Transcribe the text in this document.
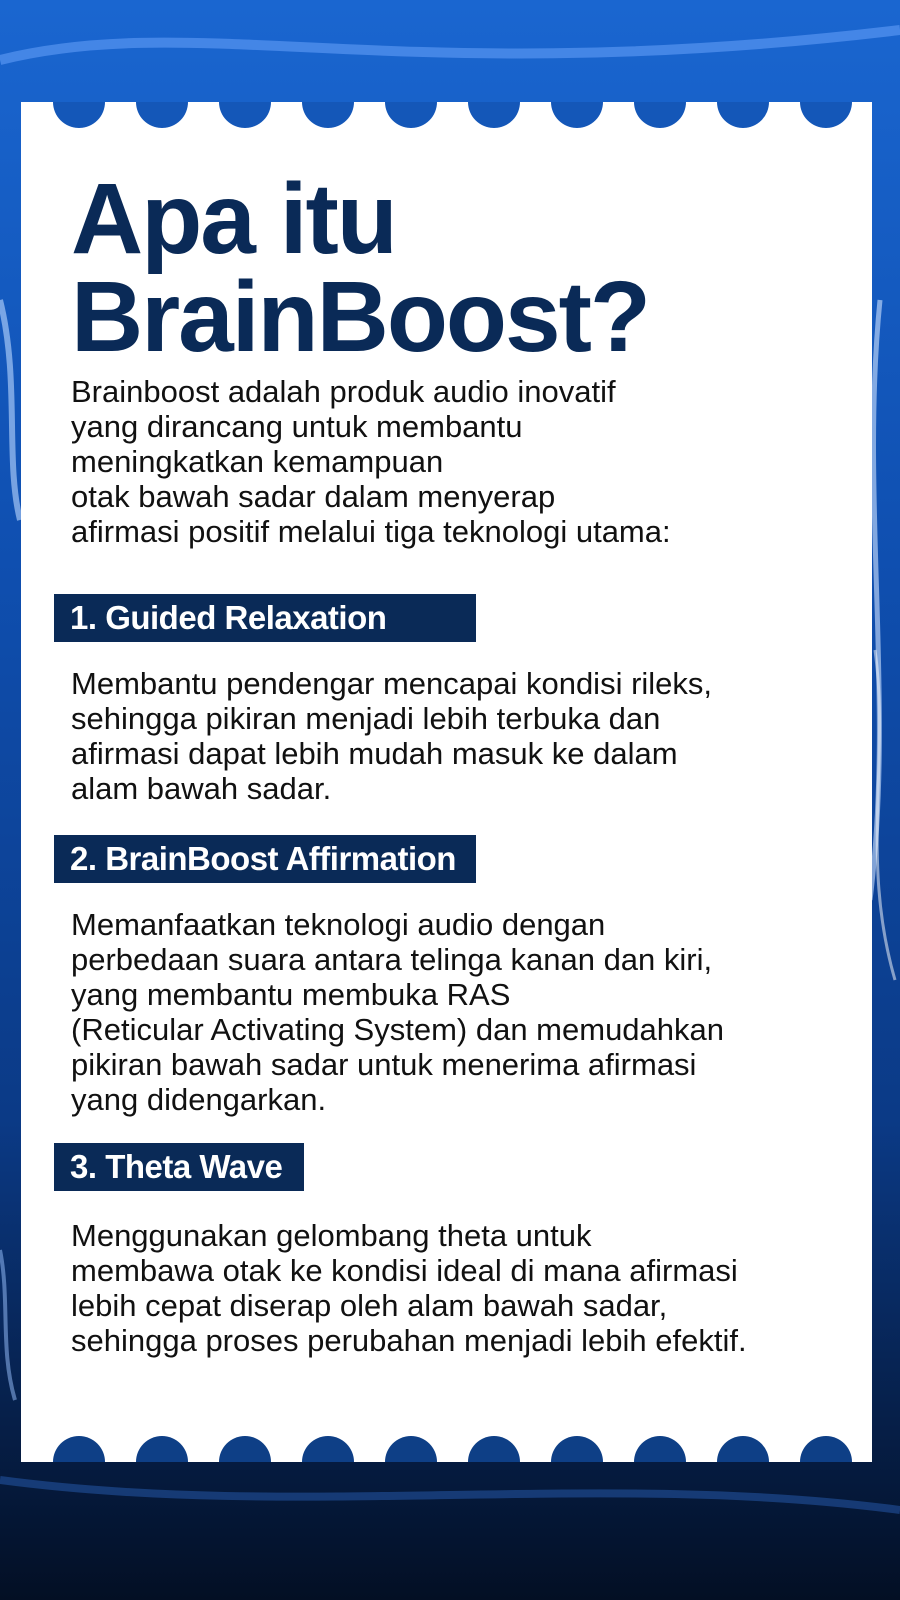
Apa itu BrainBoost?

Brainboost adalah produk audio inovatif
yang dirancang untuk membantu
meningkatkan kemampuan
otak bawah sadar dalam menyerap
afirmasi positif melalui tiga teknologi utama:

1. Guided Relaxation

Membantu pendengar mencapai kondisi rileks,
sehingga pikiran menjadi lebih terbuka dan
afirmasi dapat lebih mudah masuk ke dalam
alam bawah sadar.

2. BrainBoost Affirmation

Memanfaatkan teknologi audio dengan
perbedaan suara antara telinga kanan dan kiri,
yang membantu membuka RAS
(Reticular Activating System) dan memudahkan
pikiran bawah sadar untuk menerima afirmasi
yang didengarkan.

3. Theta Wave

Menggunakan gelombang theta untuk
membawa otak ke kondisi ideal di mana afirmasi
lebih cepat diserap oleh alam bawah sadar,
sehingga proses perubahan menjadi lebih efektif.
